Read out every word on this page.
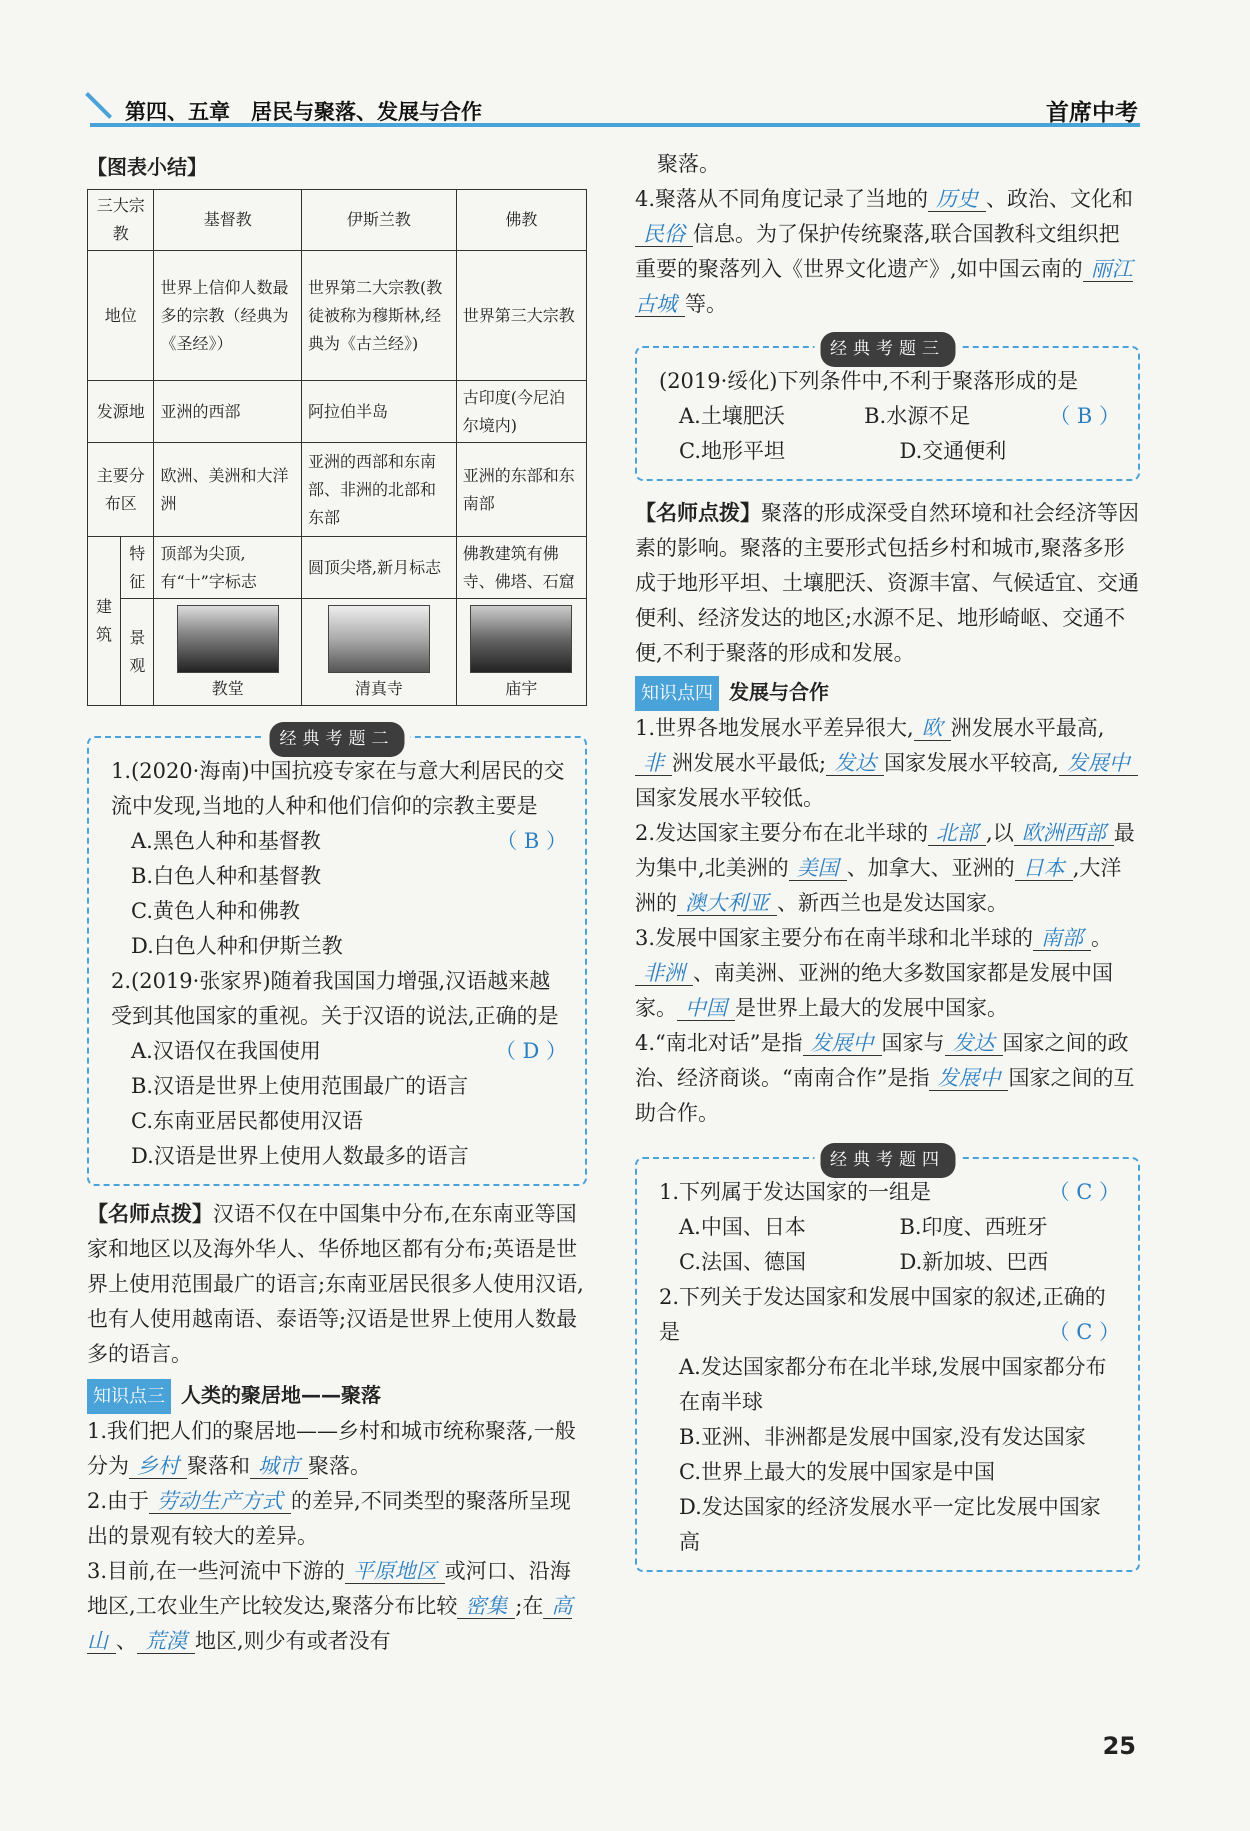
第四、五章　居民与聚落、发展与合作	首席中考

【图表小结】

三大宗教		基督教	伊斯兰教	佛教
地位		世界上信仰人数最多的宗教（经典为《圣经》）	世界第二大宗教(教徒被称为穆斯林,经典为《古兰经》)	世界第三大宗教
发源地		亚洲的西部	阿拉伯半岛	古印度(今尼泊尔境内)
主要分布区		欧洲、美洲和大洋洲	亚洲的西部和东南部、非洲的北部和东部	亚洲的东部和东南部
建筑	特征	顶部为尖顶,有“十”字标志	圆顶尖塔,新月标志	佛教建筑有佛寺、佛塔、石窟
	景观	教堂	清真寺	庙宇
经典考题二

1.(2020·海南)中国抗疫专家在与意大利居民的交流中发现,当地的人种和他们信仰的宗教主要是
（ B ）

A.黑色人种和基督教

B.白色人种和基督教

C.黄色人种和佛教

D.白色人种和伊斯兰教

2.(2019·张家界)随着我国国力增强,汉语越来越受到其他国家的重视。关于汉语的说法,正确的是
（ D ）

A.汉语仅在我国使用

B.汉语是世界上使用范围最广的语言

C.东南亚居民都使用汉语

D.汉语是世界上使用人数最多的语言

【名师点拨】汉语不仅在中国集中分布,在东南亚等国家和地区以及海外华人、华侨地区都有分布;英语是世界上使用范围最广的语言;东南亚居民很多人使用汉语,也有人使用越南语、泰语等;汉语是世界上使用人数最多的语言。

知识点三 人类的聚居地——聚落

1.我们把人们的聚居地——乡村和城市统称聚落,一般分为 乡村 聚落和 城市 聚落。

2.由于 劳动生产方式 的差异,不同类型的聚落所呈现出的景观有较大的差异。

3.目前,在一些河流中下游的 平原地区 或河口、沿海地区,工农业生产比较发达,聚落分布比较 密集 ;在 高山 、 荒漠 地区,则少有或者没有

聚落。

4.聚落从不同角度记录了当地的 历史 、政治、文化和民俗 信息。为了保护传统聚落,联合国教科文组织把重要的聚落列入《世界文化遗产》,如中国云南的 丽江古城 等。

经典考题三

(2019·绥化)下列条件中,不利于聚落形成的是
（ B ）

A.土壤肥沃	B.水源不足
C.地形平坦	D.交通便利

【名师点拨】聚落的形成深受自然环境和社会经济等因素的影响。聚落的主要形式包括乡村和城市,聚落多形成于地形平坦、土壤肥沃、资源丰富、气候适宜、交通便利、经济发达的地区;水源不足、地形崎岖、交通不便,不利于聚落的形成和发展。

知识点四 发展与合作

1.世界各地发展水平差异很大, 欧 洲发展水平最高,非 洲发展水平最低; 发达 国家发展水平较高, 发展中国家发展水平较低。

2.发达国家主要分布在北半球的 北部 ,以 欧洲西部 最为集中,北美洲的 美国 、加拿大、亚洲的 日本 ,大洋洲的 澳大利亚 、新西兰也是发达国家。

3.发展中国家主要分布在南半球和北半球的 南部 。非洲 、南美洲、亚洲的绝大多数国家都是发展中国家。 中国 是世界上最大的发展中国家。

4.“南北对话”是指 发展中 国家与 发达 国家之间的政治、经济商谈。“南南合作”是指 发展中 国家之间的互助合作。

经典考题四

1.下列属于发达国家的一组是	（ C ）

A.中国、日本	B.印度、西班牙
C.法国、德国	D.新加坡、巴西

2.下列关于发达国家和发展中国家的叙述,正确的是	（ C ）

A.发达国家都分布在北半球,发展中国家都分布在南半球

B.亚洲、非洲都是发展中国家,没有发达国家

C.世界上最大的发展中国家是中国

D.发达国家的经济发展水平一定比发展中国家高

25
